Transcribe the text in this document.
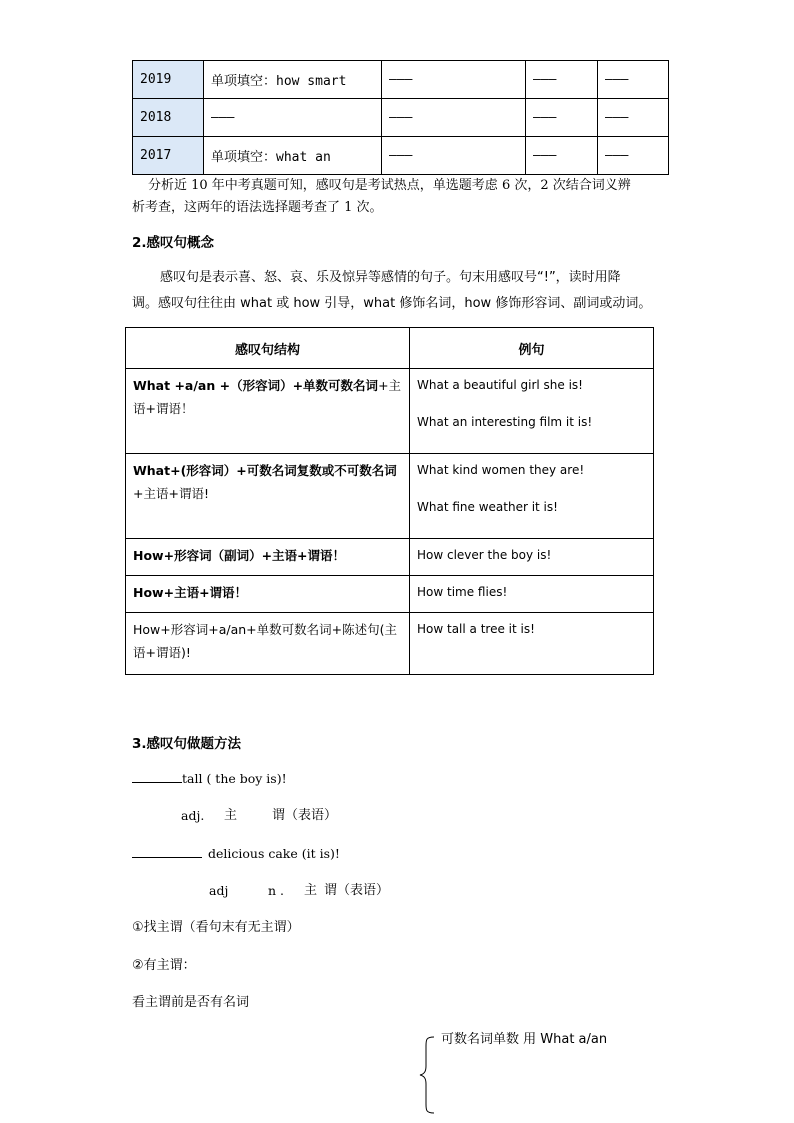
2019	单项填空：how smart	———	———	———
2018	———	———	———	———
2017	单项填空：what an	———	———	———
分析近 10 年中考真题可知，感叹句是考试热点，单选题考虑 6 次，2 次结合词义辨
析考查，这两年的语法选择题考查了 1 次。
2.感叹句概念
感叹句是表示喜、怒、哀、乐及惊异等感情的句子。句末用感叹号“!”，读时用降
调。感叹句往往由 what 或 how 引导，what 修饰名词，how 修饰形容词、副词或动词。
感叹句结构	例句
What +a/an +（形容词）+单数可数名词+主语+谓语！	What a beautiful girl she is!

What an interesting film it is!

What+(形容词）+可数名词复数或不可数名词+主语+谓语!	What kind women they are!

What fine weather it is!

How+形容词（副词）+主语+谓语！	How clever the boy is!

How+主语+谓语！	How time flies!

How+形容词+a/an+单数可数名词+陈述句(主语+谓语)!	How tall a tree it is!

3.感叹句做题方法
tall ( the boy is)!
adj. 主	谓（表语）
delicious cake (it is)!
adj	n . 主 谓（表语）
①找主谓（看句末有无主谓）
②有主谓：
看主谓前是否有名词
可数名词单数 用 What a/an
